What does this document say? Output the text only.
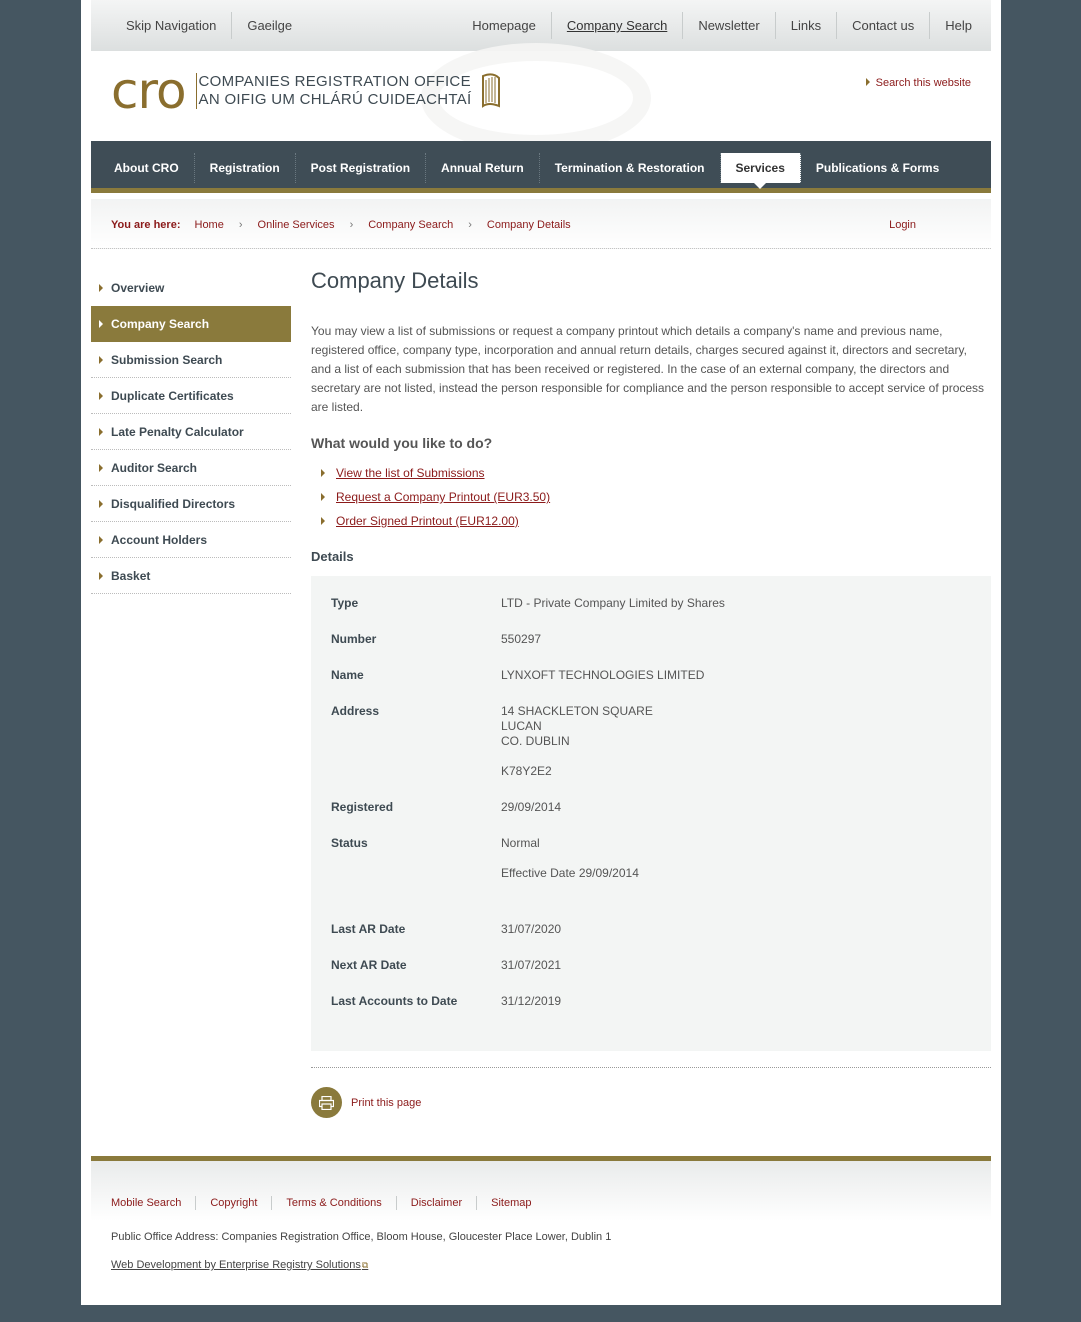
Skip Navigation	Gaeilge	Homepage	Company Search	Newsletter	Links	Contact us	Help
cro COMPANIES REGISTRATION OFFICE
AN OIFIG UM CHLÁRÚ CUIDEACHTAÍ
Search this website
About CRO	Registration	Post Registration	Annual Return	Termination & Restoration	Services	Publications & Forms
You are here: Home › Online Services › Company Search › Company Details	Login
Overview
Company Search
Submission Search
Duplicate Certificates
Late Penalty Calculator
Auditor Search
Disqualified Directors
Account Holders
Basket
Company Details

You may view a list of submissions or request a company printout which details a company's name and previous name, registered office, company type, incorporation and annual return details, charges secured against it, directors and secretary, and a list of each submission that has been received or registered. In the case of an external company, the directors and secretary are not listed, instead the person responsible for compliance and the person responsible to accept service of process are listed.

What would you like to do?
View the list of Submissions
Request a Company Printout (EUR3.50)
Order Signed Printout (EUR12.00)
Details
Type	LTD - Private Company Limited by Shares
Number	550297
Name	LYNXOFT TECHNOLOGIES LIMITED
Address	14 SHACKLETON SQUARE
LUCAN
CO. DUBLIN
K78Y2E2
Registered	29/09/2014
Status	Normal
Effective Date 29/09/2014
Last AR Date	31/07/2020
Next AR Date	31/07/2021
Last Accounts to Date	31/12/2019
Print this page
Mobile Search	Copyright	Terms & Conditions	Disclaimer	Sitemap
Public Office Address: Companies Registration Office, Bloom House, Gloucester Place Lower, Dublin 1
Web Development by Enterprise Registry Solutions⧉
